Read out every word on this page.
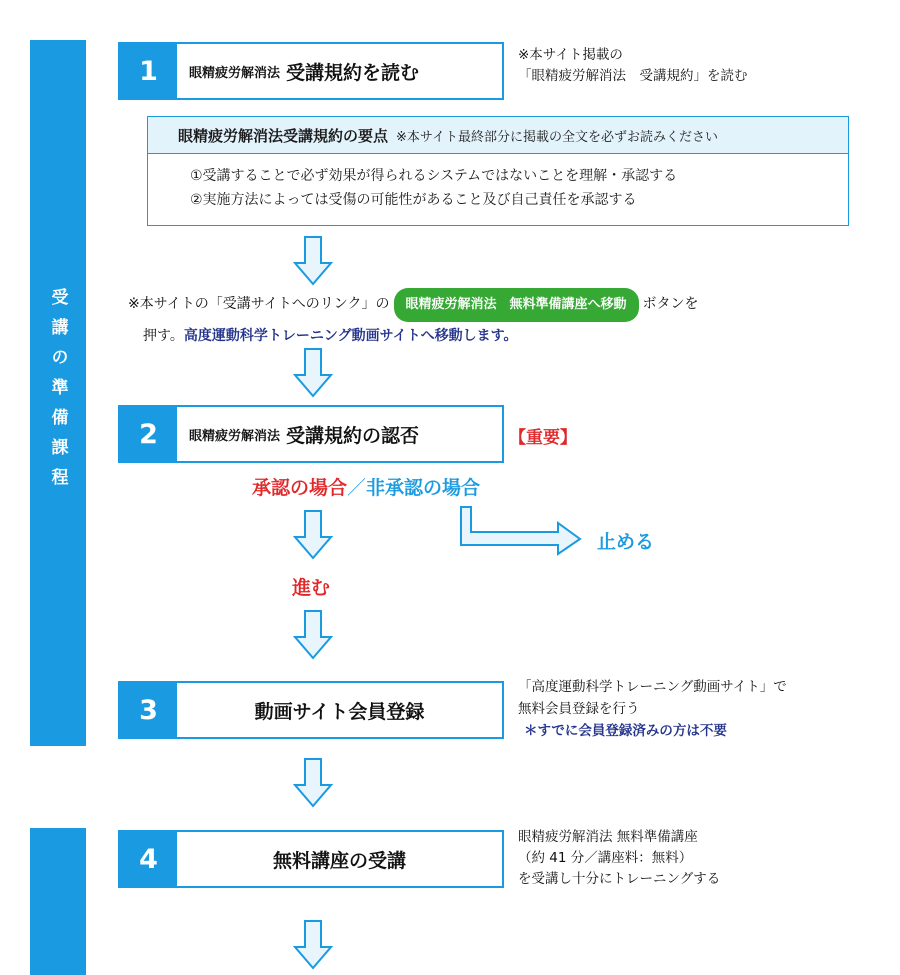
受講の準備課程
1	眼精疲労解消法 受講規約を読む
※本サイト掲載の
「眼精疲労解消法　受講規約」を読む
眼精疲労解消法受講規約の要点 ※本サイト最終部分に掲載の全文を必ずお読みください
①受講することで必ず効果が得られるシステムではないことを理解・承認する
②実施方法によっては受傷の可能性があること及び自己責任を承認する
※本サイトの「受講サイトへのリンク」の 眼精疲労解消法　無料準備講座へ移動 ボタンを
押す。高度運動科学トレーニング動画サイトへ移動します。
2	眼精疲労解消法 受講規約の認否	【重要】
承認の場合／非承認の場合
止める
進む
3	動画サイト会員登録
「高度運動科学トレーニング動画サイト」で
無料会員登録を行う
＊すでに会員登録済みの方は不要
4	無料講座の受講
眼精疲労解消法 無料準備講座
（約 41 分／講座料：無料）
を受講し十分にトレーニングする
